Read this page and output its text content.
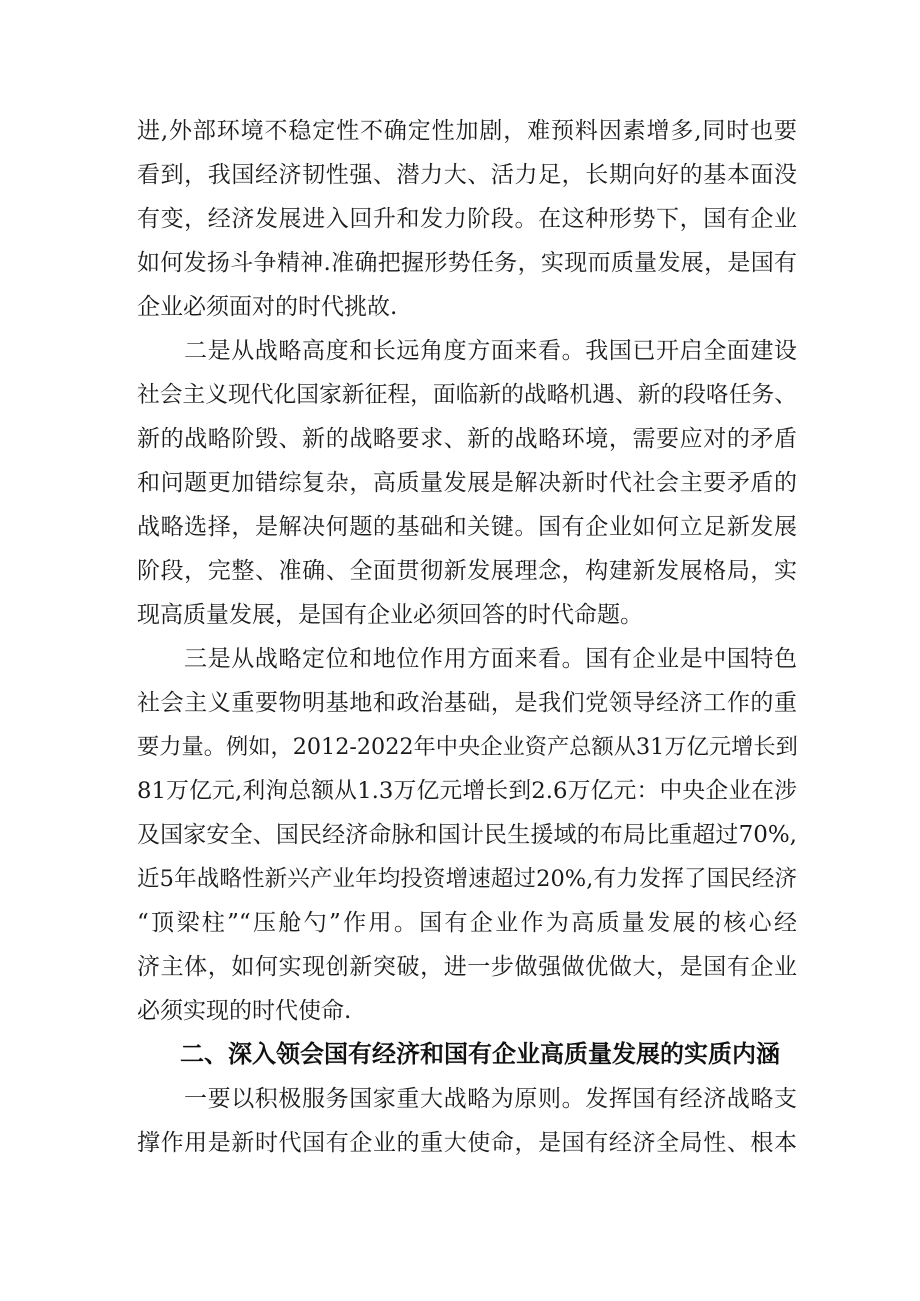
进,外部环境不稳定性不确定性加剧，难预料因素增多,同时也要
看到，我国经济韧性强、潜力大、活力足，长期向好的基本面没
有变，经济发展进入回升和发力阶段。在这种形势下，国有企业
如何发扬斗争精神.准确把握形势任务，实现而质量发展，是国有
企业必须面对的时代挑故.
二是从战略高度和长远角度方面来看。我国已开启全面建设
社会主义现代化国家新征程，面临新的战略机遇、新的段咯任务、
新的战略阶毁、新的战略要求、新的战略环境，需要应对的矛盾
和问题更加错综复杂，高质量发展是解决新时代社会主要矛盾的
战略选择，是解决何题的基础和关键。国有企业如何立足新发展
阶段，完整、准确、全面贯彻新发展理念，构建新发展格局，实
现高质量发展，是国有企业必须回答的时代命题。
三是从战略定位和地位作用方面来看。国有企业是中国特色
社会主义重要物明基地和政治基础，是我们党领导经济工作的重
要力量。例如，2012-2022年中央企业资产总额从31万亿元增长到
81万亿元,利洵总额从1.3万亿元增长到2.6万亿元：中央企业在涉
及国家安全、国民经济命脉和国计民生援域的布局比重超过70%,
近5年战略性新兴产业年均投资增速超过20%,有力发挥了国民经济
“顶梁柱”“压舱勺”作用。国有企业作为高质量发展的核心经
济主体，如何实现创新突破，进一步做强做优做大，是国有企业
必须实现的时代使命.
二、深入领会国有经济和国有企业高质量发展的实质内涵
一要以积极服务国家重大战略为原则。发挥国有经济战略支
撑作用是新时代国有企业的重大使命，是国有经济全局性、根本
